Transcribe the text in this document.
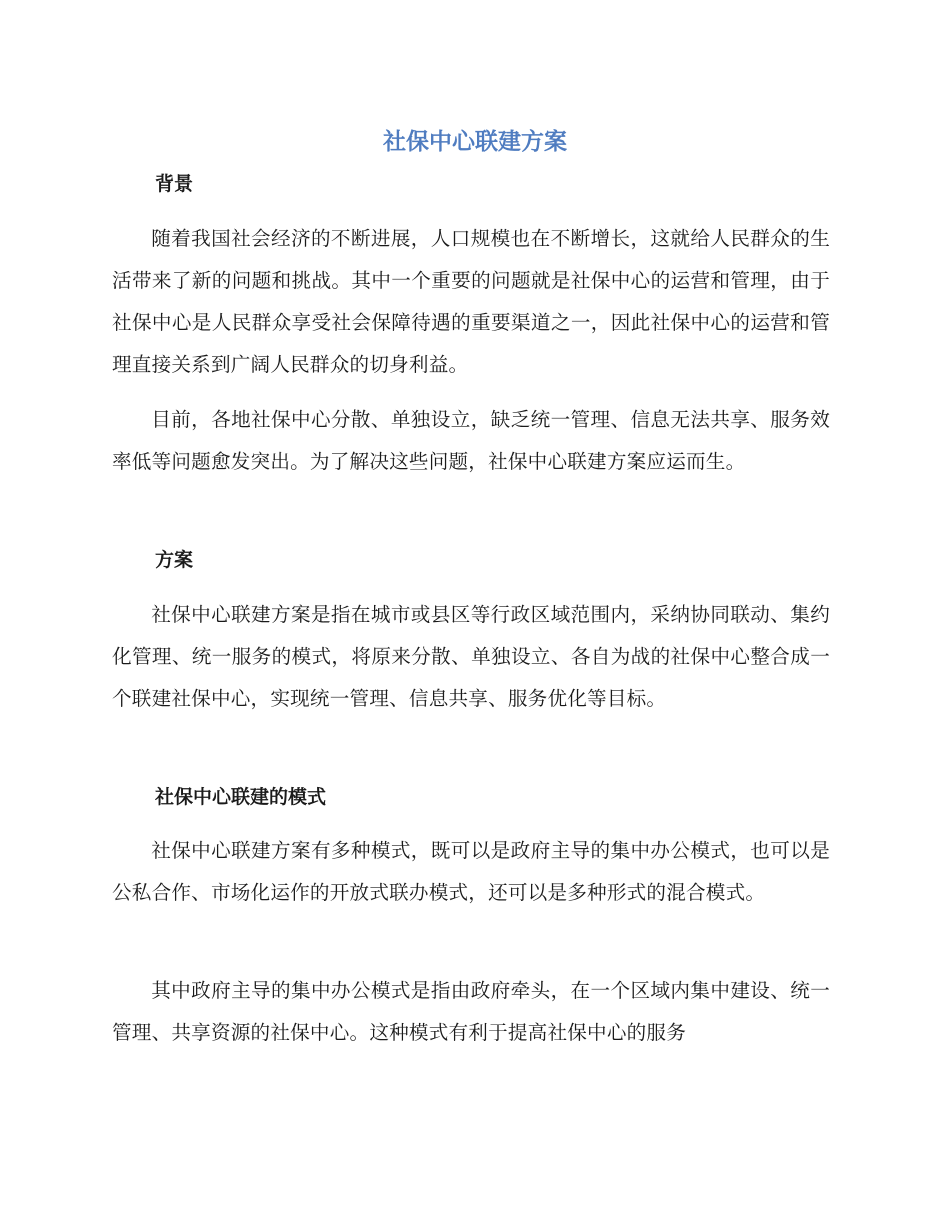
社保中心联建方案
背景

随着我国社会经济的不断进展，人口规模也在不断增长，这就给人民群众的生活带来了新的问题和挑战。其中一个重要的问题就是社保中心的运营和管理，由于社保中心是人民群众享受社会保障待遇的重要渠道之一，因此社保中心的运营和管理直接关系到广阔人民群众的切身利益。

目前，各地社保中心分散、单独设立，缺乏统一管理、信息无法共享、服务效率低等问题愈发突出。为了解决这些问题，社保中心联建方案应运而生。

方案

社保中心联建方案是指在城市或县区等行政区域范围内，采纳协同联动、集约化管理、统一服务的模式，将原来分散、单独设立、各自为战的社保中心整合成一个联建社保中心，实现统一管理、信息共享、服务优化等目标。

社保中心联建的模式

社保中心联建方案有多种模式，既可以是政府主导的集中办公模式，也可以是公私合作、市场化运作的开放式联办模式，还可以是多种形式的混合模式。

其中政府主导的集中办公模式是指由政府牵头，在一个区域内集中建设、统一管理、共享资源的社保中心。这种模式有利于提高社保中心的服务
